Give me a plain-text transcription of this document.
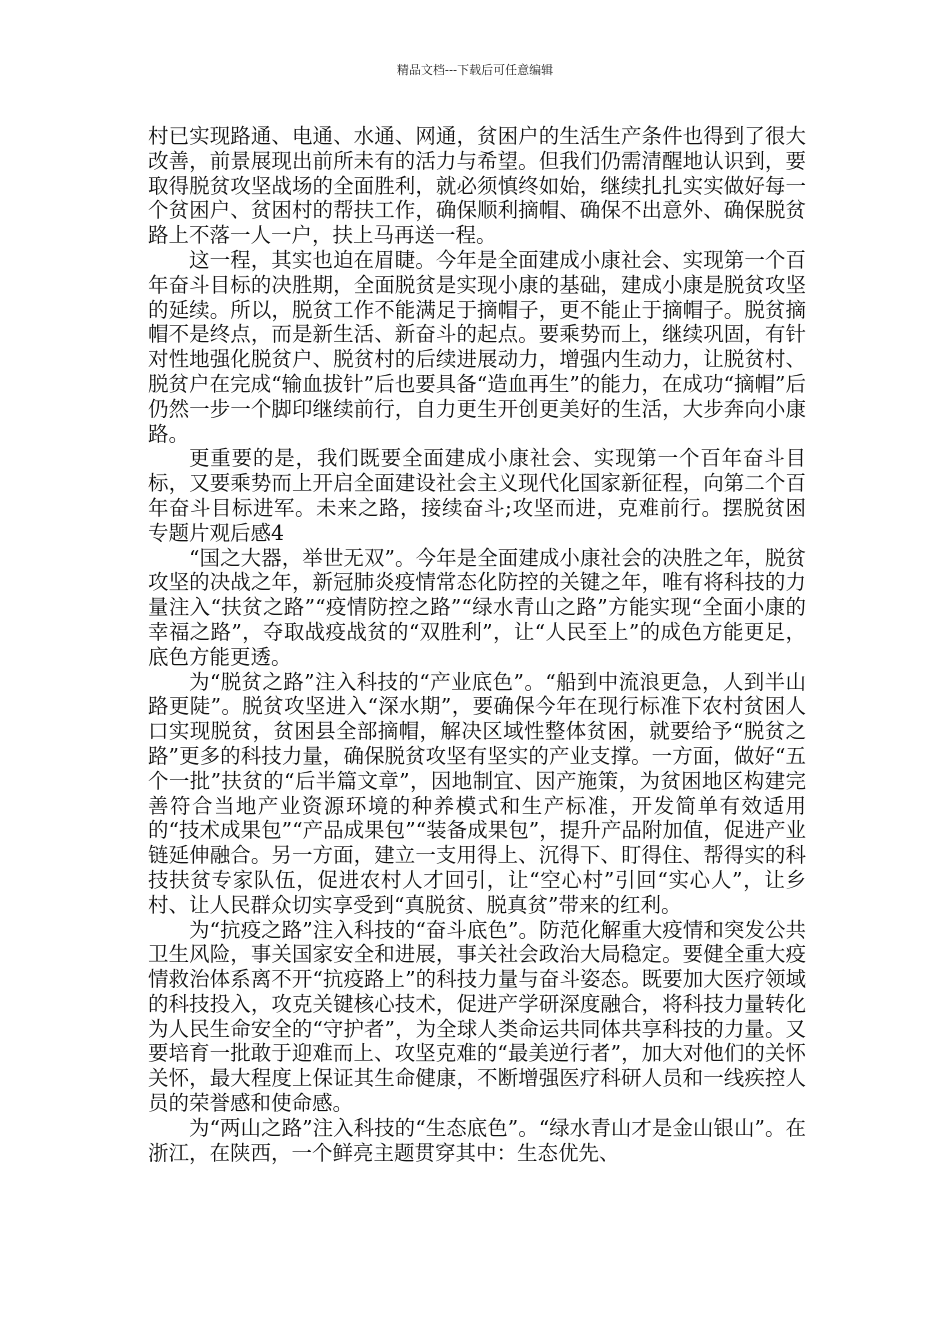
精品文档---下载后可任意编辑

村已实现路通、电通、水通、网通，贫困户的生活生产条件也得到了很大改善，前景展现出前所未有的活力与希望。但我们仍需清醒地认识到，要取得脱贫攻坚战场的全面胜利，就必须慎终如始，继续扎扎实实做好每一个贫困户、贫困村的帮扶工作，确保顺利摘帽、确保不出意外、确保脱贫路上不落一人一户，扶上马再送一程。

这一程，其实也迫在眉睫。今年是全面建成小康社会、实现第一个百年奋斗目标的决胜期，全面脱贫是实现小康的基础，建成小康是脱贫攻坚的延续。所以，脱贫工作不能满足于摘帽子，更不能止于摘帽子。脱贫摘帽不是终点，而是新生活、新奋斗的起点。要乘势而上，继续巩固，有针对性地强化脱贫户、脱贫村的后续进展动力，增强内生动力，让脱贫村、脱贫户在完成“输血拔针”后也要具备“造血再生”的能力，在成功“摘帽”后仍然一步一个脚印继续前行，自力更生开创更美好的生活，大步奔向小康路。

更重要的是，我们既要全面建成小康社会、实现第一个百年奋斗目标，又要乘势而上开启全面建设社会主义现代化国家新征程，向第二个百年奋斗目标进军。未来之路，接续奋斗;攻坚而进，克难前行。摆脱贫困专题片观后感4

“国之大器，举世无双”。今年是全面建成小康社会的决胜之年，脱贫攻坚的决战之年，新冠肺炎疫情常态化防控的关键之年，唯有将科技的力量注入“扶贫之路”“疫情防控之路”“绿水青山之路”方能实现“全面小康的幸福之路”，夺取战疫战贫的“双胜利”，让“人民至上”的成色方能更足，底色方能更透。

为“脱贫之路”注入科技的“产业底色”。“船到中流浪更急，人到半山路更陡”。脱贫攻坚进入“深水期”，要确保今年在现行标准下农村贫困人口实现脱贫，贫困县全部摘帽，解决区域性整体贫困，就要给予“脱贫之路”更多的科技力量，确保脱贫攻坚有坚实的产业支撑。一方面，做好“五个一批”扶贫的“后半篇文章”，因地制宜、因产施策，为贫困地区构建完善符合当地产业资源环境的种养模式和生产标准，开发简单有效适用的“技术成果包”“产品成果包”“装备成果包”，提升产品附加值，促进产业链延伸融合。另一方面，建立一支用得上、沉得下、盯得住、帮得实的科技扶贫专家队伍，促进农村人才回引，让“空心村”引回“实心人”，让乡村、让人民群众切实享受到“真脱贫、脱真贫”带来的红利。

为“抗疫之路”注入科技的“奋斗底色”。防范化解重大疫情和突发公共卫生风险，事关国家安全和进展，事关社会政治大局稳定。要健全重大疫情救治体系离不开“抗疫路上”的科技力量与奋斗姿态。既要加大医疗领域的科技投入，攻克关键核心技术，促进产学研深度融合，将科技力量转化为人民生命安全的“守护者”，为全球人类命运共同体共享科技的力量。又要培育一批敢于迎难而上、攻坚克难的“最美逆行者”，加大对他们的关怀关怀，最大程度上保证其生命健康，不断增强医疗科研人员和一线疾控人员的荣誉感和使命感。

为“两山之路”注入科技的“生态底色”。“绿水青山才是金山银山”。在浙江，在陕西，一个鲜亮主题贯穿其中：生态优先、
